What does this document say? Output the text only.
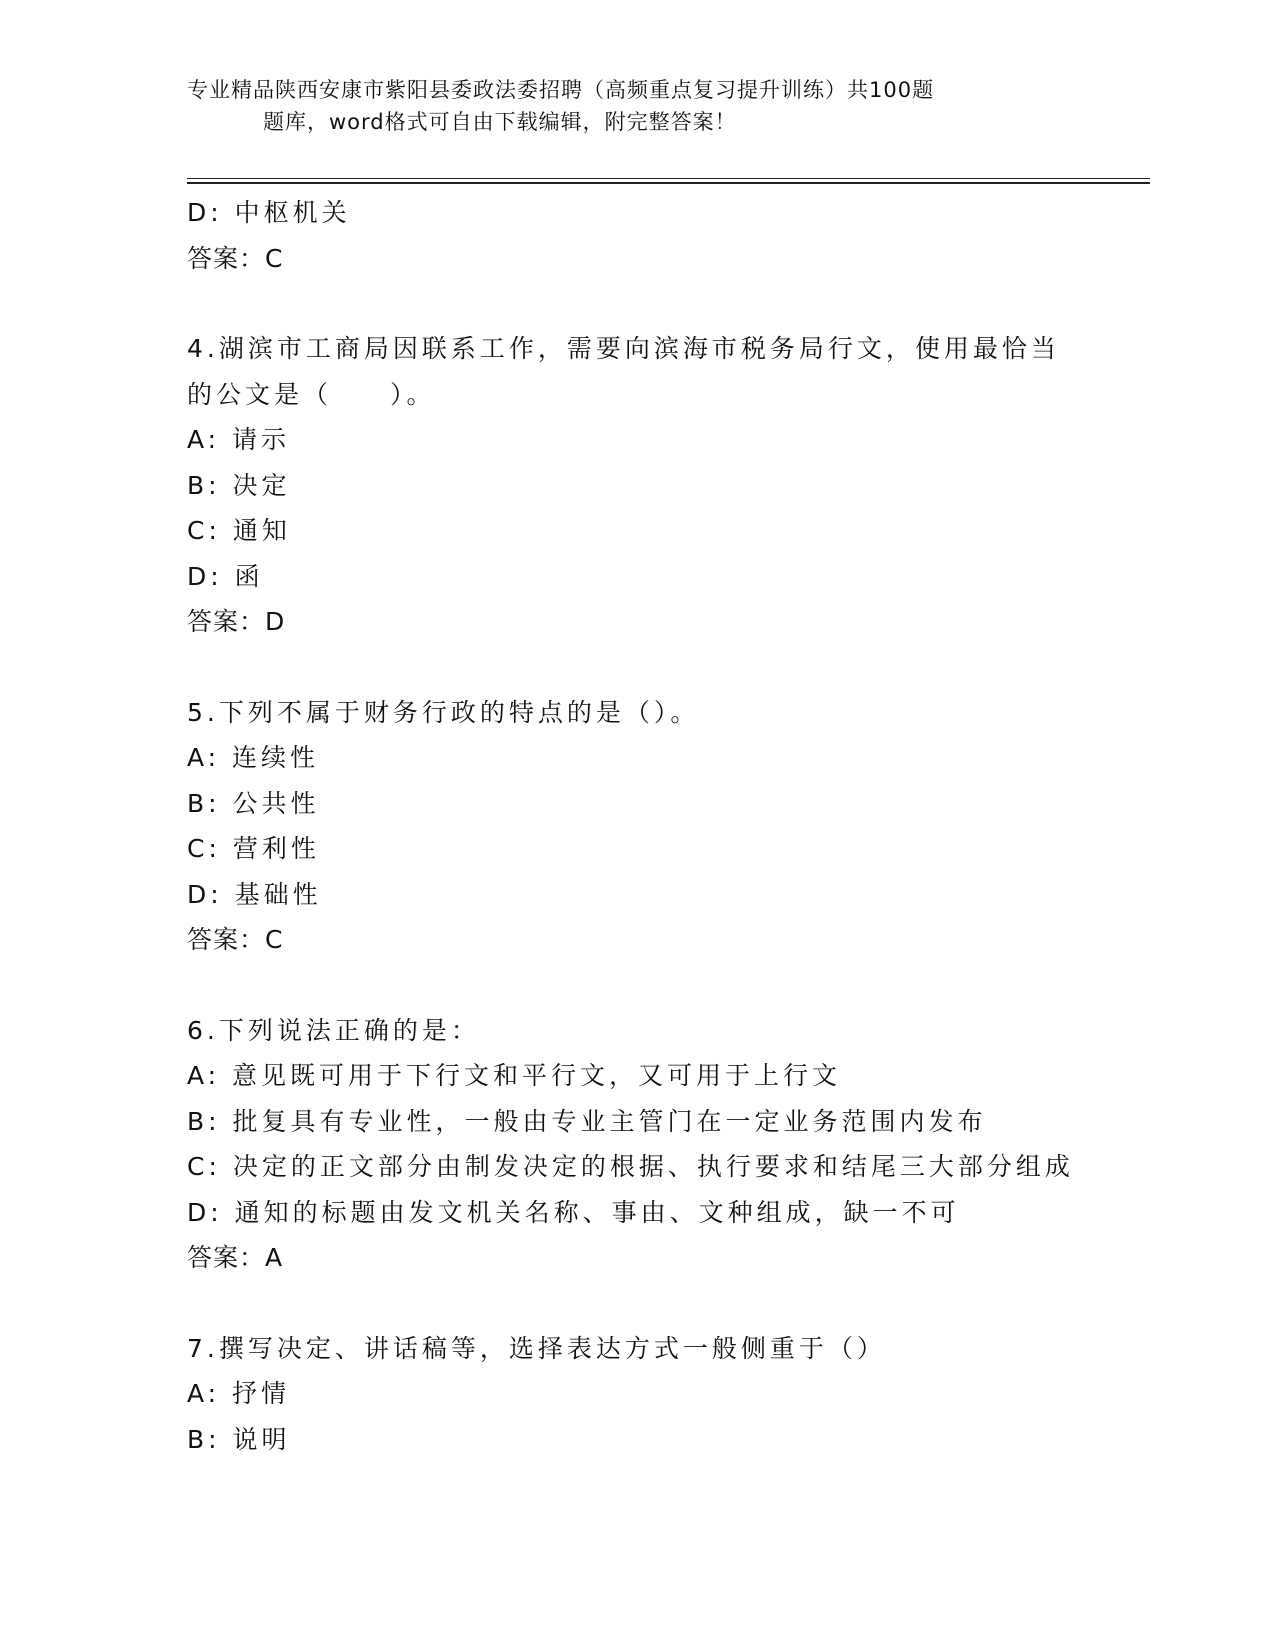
专业精品陕西安康市紫阳县委政法委招聘（高频重点复习提升训练）共100题
题库，word格式可自由下载编辑，附完整答案！
D: 中枢机关
答案：C
4.湖滨市工商局因联系工作，需要向滨海市税务局行文，使用最恰当
的公文是（　　）。
A: 请示
B: 决定
C: 通知
D: 函
答案：D
5.下列不属于财务行政的特点的是（）。
A: 连续性
B: 公共性
C: 营利性
D: 基础性
答案：C
6.下列说法正确的是：
A: 意见既可用于下行文和平行文，又可用于上行文
B: 批复具有专业性，一般由专业主管门在一定业务范围内发布
C: 决定的正文部分由制发决定的根据、执行要求和结尾三大部分组成
D: 通知的标题由发文机关名称、事由、文种组成，缺一不可
答案：A
7.撰写决定、讲话稿等，选择表达方式一般侧重于（）
A: 抒情
B: 说明
